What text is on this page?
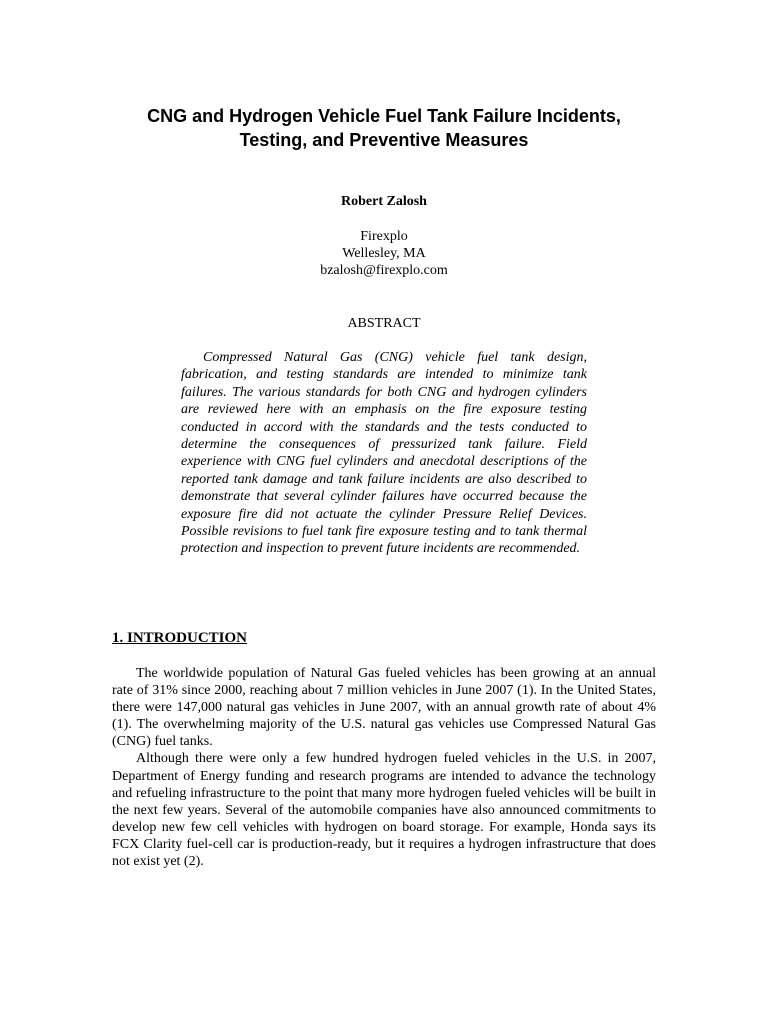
CNG and Hydrogen Vehicle Fuel Tank Failure Incidents,
Testing, and Preventive Measures

Robert Zalosh

Firexplo
Wellesley, MA
bzalosh@firexplo.com
ABSTRACT

Compressed Natural Gas (CNG) vehicle fuel tank design, fabrication, and testing standards are intended to minimize tank failures. The various standards for both CNG and hydrogen cylinders are reviewed here with an emphasis on the fire exposure testing conducted in accord with the standards and the tests conducted to determine the consequences of pressurized tank failure. Field experience with CNG fuel cylinders and anecdotal descriptions of the reported tank damage and tank failure incidents are also described to demonstrate that several cylinder failures have occurred because the exposure fire did not actuate the cylinder Pressure Relief Devices. Possible revisions to fuel tank fire exposure testing and to tank thermal protection and inspection to prevent future incidents are recommended.

1. INTRODUCTION

The worldwide population of Natural Gas fueled vehicles has been growing at an annual rate of 31% since 2000, reaching about 7 million vehicles in June 2007 (1). In the United States, there were 147,000 natural gas vehicles in June 2007, with an annual growth rate of about 4% (1). The overwhelming majority of the U.S. natural gas vehicles use Compressed Natural Gas (CNG) fuel tanks.

Although there were only a few hundred hydrogen fueled vehicles in the U.S. in 2007, Department of Energy funding and research programs are intended to advance the technology and refueling infrastructure to the point that many more hydrogen fueled vehicles will be built in the next few years. Several of the automobile companies have also announced commitments to develop new few cell vehicles with hydrogen on board storage. For example, Honda says its FCX Clarity fuel-cell car is production-ready, but it requires a hydrogen infrastructure that does not exist yet (2).
